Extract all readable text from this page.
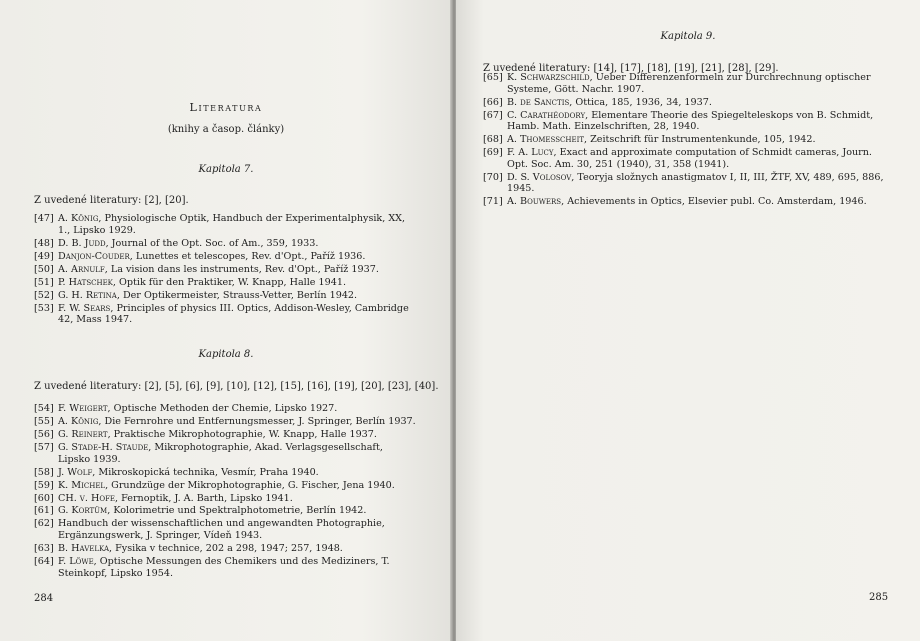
Literatura
(knihy a časop. články)
Kapitola 7.
Z uvedené literatury: [2], [20].
[47] A. König, Physiologische Optik, Handbuch der Experimentalphysik, XX, 1., Lipsko 1929.
[48] D. B. Judd, Journal of the Opt. Soc. of Am., 359, 1933.
[49] Danjon-Couder, Lunettes et telescopes, Rev. d'Opt., Paříž 1936.
[50] A. Arnulf, La vision dans les instruments, Rev. d'Opt., Paříž 1937.
[51] P. Hatschek, Optik für den Praktiker, W. Knapp, Halle 1941.
[52] G. H. Retina, Der Optikermeister, Strauss-Vetter, Berlín 1942.
[53] F. W. Sears, Principles of physics III. Optics, Addison-Wesley, Cambridge 42, Mass 1947.
Kapitola 8.
Z uvedené literatury: [2], [5], [6], [9], [10], [12], [15], [16], [19], [20], [23], [40].
[54] F. Weigert, Optische Methoden der Chemie, Lipsko 1927.
[55] A. König, Die Fernrohre und Entfernungsmesser, J. Springer, Berlín 1937.
[56] G. Reinert, Praktische Mikrophotographie, W. Knapp, Halle 1937.
[57] G. Stade-H. Staude, Mikrophotographie, Akad. Verlagsgesellschaft, Lipsko 1939.
[58] J. Wolf, Mikroskopická technika, Vesmír, Praha 1940.
[59] K. Michel, Grundzüge der Mikrophotographie, G. Fischer, Jena 1940.
[60] CH. v. Hofe, Fernoptik, J. A. Barth, Lipsko 1941.
[61] G. Kortüm, Kolorimetrie und Spektralphotometrie, Berlín 1942.
[62] Handbuch der wissenschaftlichen und angewandten Photographie, Ergänzungswerk, J. Springer, Vídeň 1943.
[63] B. Havelka, Fysika v technice, 202 a 298, 1947; 257, 1948.
[64] F. Löwe, Optische Messungen des Chemikers und des Mediziners, T. Steinkopf, Lipsko 1954.
284
Kapitola 9.
Z uvedené literatury: [14], [17], [18], [19], [21], [28], [29].
[65] K. Schwarzschild, Ueber Differenzenformeln zur Durchrechnung optischer Systeme, Gött. Nachr. 1907.
[66] B. de Sanctis, Ottica, 185, 1936, 34, 1937.
[67] C. Carathéodory, Elementare Theorie des Spiegelteleskops von B. Schmidt, Hamb. Math. Einzelschriften, 28, 1940.
[68] A. Thomesscheit, Zeitschrift für Instrumentenkunde, 105, 1942.
[69] F. A. Lucy, Exact and approximate computation of Schmidt cameras, Journ. Opt. Soc. Am. 30, 251 (1940), 31, 358 (1941).
[70] D. S. Volosov, Teoryja složnych anastigmatov I, II, III, ŽTF, XV, 489, 695, 886, 1945.
[71] A. Bouwers, Achievements in Optics, Elsevier publ. Co. Amsterdam, 1946.
285
